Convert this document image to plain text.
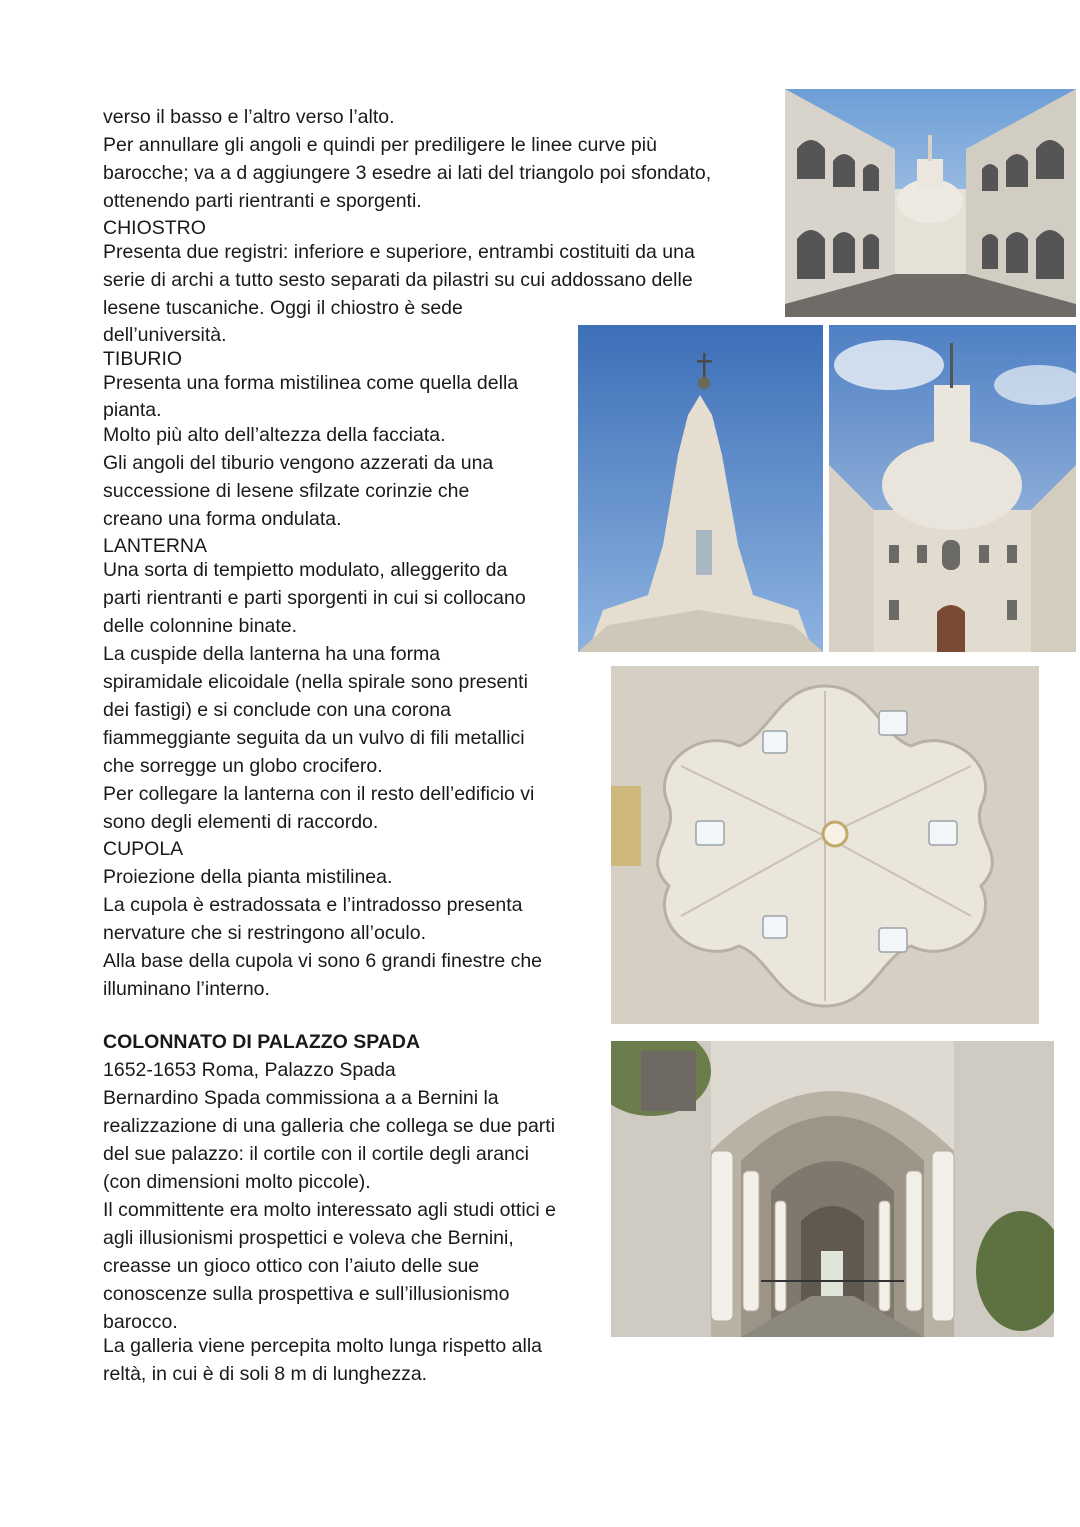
verso il basso e l’altro verso l’alto.
Per annullare gli angoli e quindi per prediligere le linee curve più
barocche; va a d aggiungere 3 esedre ai lati del triangolo poi sfondato,
ottenendo parti rientranti e sporgenti.
CHIOSTRO
Presenta due registri: inferiore e superiore, entrambi costituiti da una
serie di archi a tutto sesto separati da pilastri su cui addossano delle
lesene tuscaniche. Oggi il chiostro è sede
dell’università.
TIBURIO
Presenta una forma mistilinea come quella della
pianta.
Molto più alto dell’altezza della facciata.
Gli angoli del tiburio vengono azzerati da una
successione di lesene sfilzate corinzie che
creano una forma ondulata.
LANTERNA
Una sorta di tempietto modulato, alleggerito da
parti rientranti e parti sporgenti in cui si collocano
delle colonnine binate.
La cuspide della lanterna ha una forma
spiramidale elicoidale (nella spirale sono presenti
dei fastigi) e si conclude con una corona
fiammeggiante seguita da un vulvo di fili metallici
che sorregge un globo crocifero.
Per collegare la lanterna con il resto dell’edificio vi
sono degli elementi di raccordo.
CUPOLA
Proiezione della pianta mistilinea.
La cupola è estradossata e l’intradosso presenta
nervature che si restringono all’oculo.
Alla base della cupola vi sono 6 grandi finestre che
illuminano l’interno.
COLONNATO DI PALAZZO SPADA
1652-1653 Roma, Palazzo Spada
Bernardino Spada commissiona a a Bernini la
realizzazione di una galleria che collega se due parti
del sue palazzo: il cortile con il cortile degli aranci
(con dimensioni molto piccole).
Il committente era molto interessato agli studi ottici e
agli illusionismi prospettici e voleva che Bernini,
creasse un gioco ottico con l’aiuto delle sue
conoscenze sulla prospettiva e sull’illusionismo
barocco.
La galleria viene percepita molto lunga rispetto alla
reltà, in cui è di soli 8 m di lunghezza.
